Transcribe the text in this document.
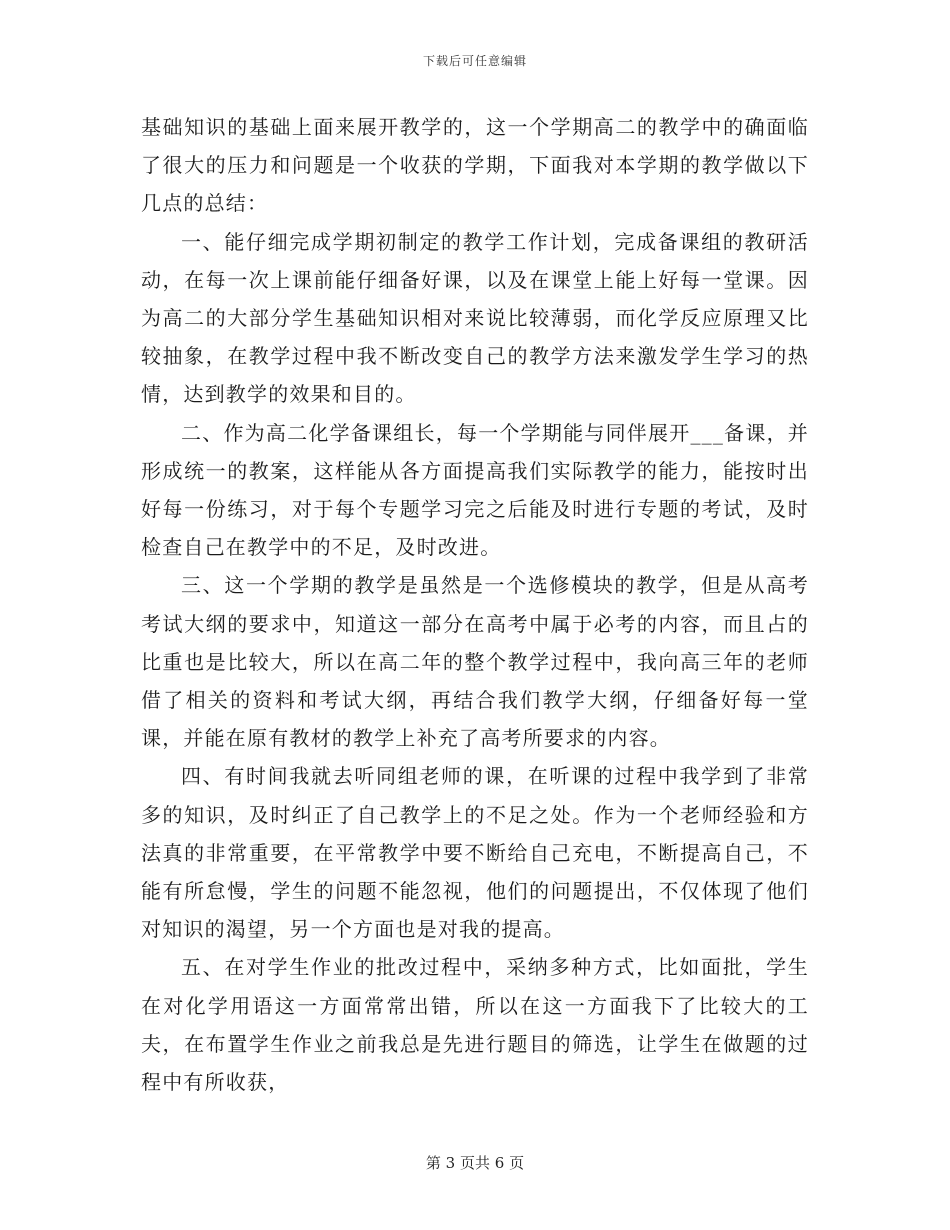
下载后可任意编辑

基础知识的基础上面来展开教学的，这一个学期高二的教学中的确面临了很大的压力和问题是一个收获的学期，下面我对本学期的教学做以下几点的总结：

一、能仔细完成学期初制定的教学工作计划，完成备课组的教研活动，在每一次上课前能仔细备好课，以及在课堂上能上好每一堂课。因为高二的大部分学生基础知识相对来说比较薄弱，而化学反应原理又比较抽象，在教学过程中我不断改变自己的教学方法来激发学生学习的热情，达到教学的效果和目的。

二、作为高二化学备课组长，每一个学期能与同伴展开___备课，并形成统一的教案，这样能从各方面提高我们实际教学的能力，能按时出好每一份练习，对于每个专题学习完之后能及时进行专题的考试，及时检查自己在教学中的不足，及时改进。

三、这一个学期的教学是虽然是一个选修模块的教学，但是从高考考试大纲的要求中，知道这一部分在高考中属于必考的内容，而且占的比重也是比较大，所以在高二年的整个教学过程中，我向高三年的老师借了相关的资料和考试大纲，再结合我们教学大纲，仔细备好每一堂课，并能在原有教材的教学上补充了高考所要求的内容。

四、有时间我就去听同组老师的课，在听课的过程中我学到了非常多的知识，及时纠正了自己教学上的不足之处。作为一个老师经验和方法真的非常重要，在平常教学中要不断给自己充电，不断提高自己，不能有所怠慢，学生的问题不能忽视，他们的问题提出，不仅体现了他们对知识的渴望，另一个方面也是对我的提高。

五、在对学生作业的批改过程中，采纳多种方式，比如面批，学生在对化学用语这一方面常常出错，所以在这一方面我下了比较大的工夫，在布置学生作业之前我总是先进行题目的筛选，让学生在做题的过程中有所收获，

第 3 页共 6 页
